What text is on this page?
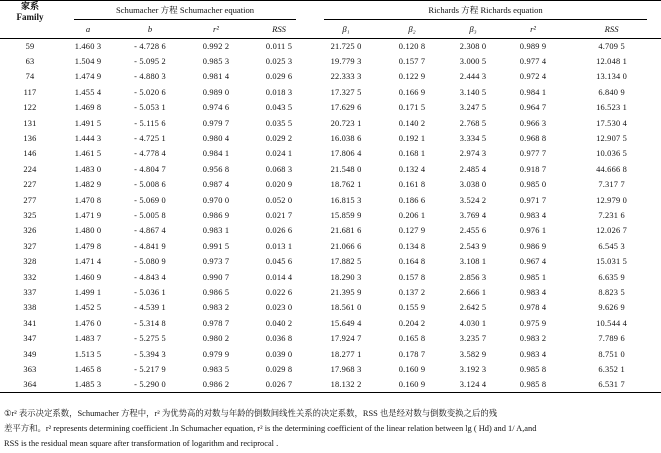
家系
Family	Schumacher 方程 Schumacher equation				Richards 方程 Richards equation				

	a	b	r²	RSS	β₁	β₂	β₃	r²	RSS
59	1.460 3	- 4.728 6	0.992 2	0.011 5	21.725 0	0.120 8	2.308 0	0.989 9	4.709 5
63	1.504 9	- 5.095 2	0.985 3	0.025 3	19.779 3	0.157 7	3.000 5	0.977 4	12.048 1
74	1.474 9	- 4.880 3	0.981 4	0.029 6	22.333 3	0.122 9	2.444 3	0.972 4	13.134 0
117	1.455 4	- 5.020 6	0.989 0	0.018 3	17.327 5	0.166 9	3.140 5	0.984 1	6.840 9
122	1.469 8	- 5.053 1	0.974 6	0.043 5	17.629 6	0.171 5	3.247 5	0.964 7	16.523 1
131	1.491 5	- 5.115 6	0.979 7	0.035 5	20.723 1	0.140 2	2.768 5	0.966 3	17.530 4
136	1.444 3	- 4.725 1	0.980 4	0.029 2	16.038 6	0.192 1	3.334 5	0.968 8	12.907 5
146	1.461 5	- 4.778 4	0.984 1	0.024 1	17.806 4	0.168 1	2.974 3	0.977 7	10.036 5
224	1.483 0	- 4.804 7	0.956 8	0.068 3	21.548 0	0.132 4	2.485 4	0.918 7	44.666 8
227	1.482 9	- 5.008 6	0.987 4	0.020 9	18.762 1	0.161 8	3.038 0	0.985 0	7.317 7
277	1.470 8	- 5.069 0	0.970 0	0.052 0	16.815 3	0.186 6	3.524 2	0.971 7	12.979 0
325	1.471 9	- 5.005 8	0.986 9	0.021 7	15.859 9	0.206 1	3.769 4	0.983 4	7.231 6
326	1.480 0	- 4.867 4	0.983 1	0.026 6	21.681 6	0.127 9	2.455 6	0.976 1	12.026 7
327	1.479 8	- 4.841 9	0.991 5	0.013 1	21.066 6	0.134 8	2.543 9	0.986 9	6.545 3
328	1.471 4	- 5.080 9	0.973 7	0.045 6	17.882 5	0.164 8	3.108 1	0.967 4	15.031 5
332	1.460 9	- 4.843 4	0.990 7	0.014 4	18.290 3	0.157 8	2.856 3	0.985 1	6.635 9
337	1.499 1	- 5.036 1	0.986 5	0.022 6	21.395 9	0.137 2	2.666 1	0.983 4	8.823 5
338	1.452 5	- 4.539 1	0.983 2	0.023 0	18.561 0	0.155 9	2.642 5	0.978 4	9.626 9
341	1.476 0	- 5.314 8	0.978 7	0.040 2	15.649 4	0.204 2	4.030 1	0.975 9	10.544 4
347	1.483 7	- 5.275 5	0.980 2	0.036 8	17.924 7	0.165 8	3.235 7	0.983 2	7.789 6
349	1.513 5	- 5.394 3	0.979 9	0.039 0	18.277 1	0.178 7	3.582 9	0.983 4	8.751 0
363	1.465 8	- 5.217 9	0.983 5	0.029 8	17.968 3	0.160 9	3.192 3	0.985 8	6.352 1
364	1.485 3	- 5.290 0	0.986 2	0.026 7	18.132 2	0.160 9	3.124 4	0.985 8	6.531 7

①r² 表示决定系数，Schumacher 方程中，r² 为优势高的对数与年龄的倒数间线性关系的决定系数，RSS 也是经对数与倒数变换之后的残

差平方和。r² represents determining coefficient .In Schumacher equation, r² is the determining coefficient of the linear relation between lg ( Hd) and 1/ A,and

RSS is the residual mean square after transformation of logarithm and reciprocal .
